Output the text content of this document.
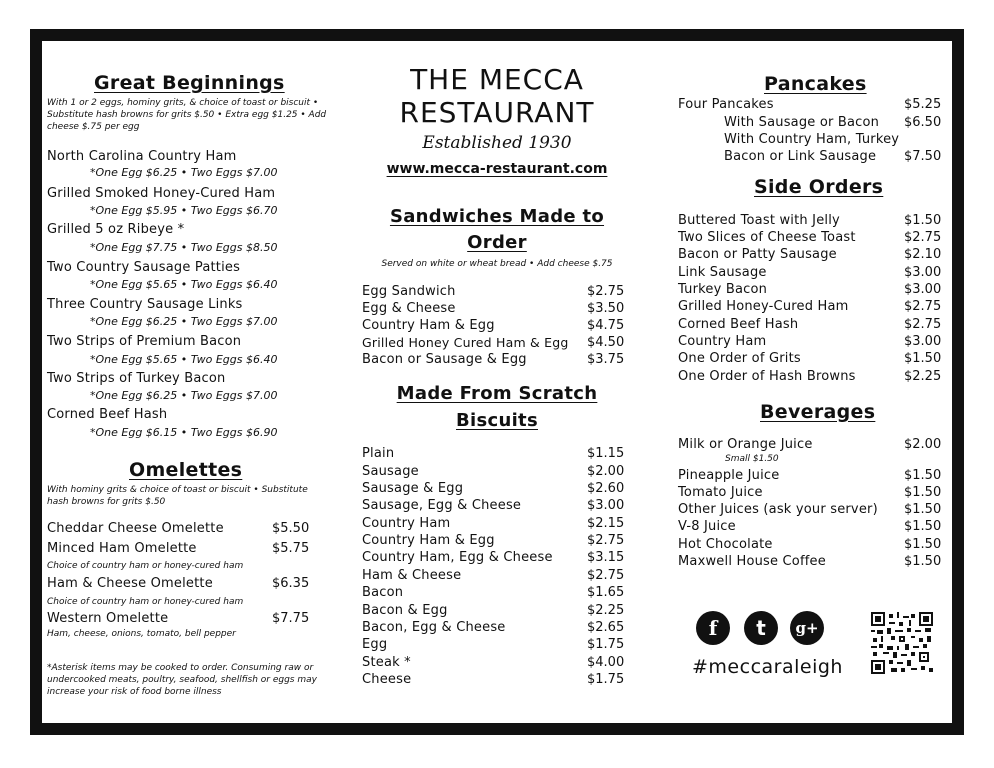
Great Beginnings
With 1 or 2 eggs, hominy grits, & choice of toast or biscuit • Substitute hash browns for grits $.50 • Extra egg $1.25 • Add cheese $.75 per egg
North Carolina Country Ham
*One Egg $6.25 • Two Eggs $7.00
Grilled Smoked Honey-Cured Ham
*One Egg $5.95 • Two Eggs $6.70
Grilled 5 oz Ribeye *
*One Egg $7.75 • Two Eggs $8.50
Two Country Sausage Patties
*One Egg $5.65 • Two Eggs $6.40
Three Country Sausage Links
*One Egg $6.25 • Two Eggs $7.00
Two Strips of Premium Bacon
*One Egg $5.65 • Two Eggs $6.40
Two Strips of Turkey Bacon
*One Egg $6.25 • Two Eggs $7.00
Corned Beef Hash
*One Egg $6.15 • Two Eggs $6.90
Omelettes
With hominy grits & choice of toast or biscuit • Substitute hash browns for grits $.50
Cheddar Cheese Omelette	$5.50
Minced Ham Omelette	$5.75
Choice of country ham or honey-cured ham
Ham & Cheese Omelette	$6.35
Choice of country ham or honey-cured ham
Western Omelette	$7.75
Ham, cheese, onions, tomato, bell pepper
*Asterisk items may be cooked to order. Consuming raw or undercooked meats, poultry, seafood, shellfish or eggs may increase your risk of food borne illness
THE MECCA
RESTAURANT
Established 1930
www.mecca-restaurant.com
Sandwiches Made to
Order
Served on white or wheat bread • Add cheese $.75
Egg Sandwich	$2.75
Egg & Cheese	$3.50
Country Ham & Egg	$4.75
Grilled Honey Cured Ham & Egg $4.50
Bacon or Sausage & Egg	$3.75
Made From Scratch
Biscuits
Plain	$1.15
Sausage	$2.00
Sausage & Egg	$2.60
Sausage, Egg & Cheese	$3.00
Country Ham	$2.15
Country Ham & Egg	$2.75
Country Ham, Egg & Cheese	$3.15
Ham & Cheese	$2.75
Bacon	$1.65
Bacon & Egg	$2.25
Bacon, Egg & Cheese	$2.65
Egg	$1.75
Steak *	$4.00
Cheese	$1.75
Pancakes
Four Pancakes	$5.25
With Sausage or Bacon $6.50
With Country Ham, Turkey
Bacon or Link Sausage $7.50
Side Orders
Buttered Toast with Jelly	$1.50
Two Slices of Cheese Toast	$2.75
Bacon or Patty Sausage	$2.10
Link Sausage	$3.00
Turkey Bacon	$3.00
Grilled Honey-Cured Ham	$2.75
Corned Beef Hash	$2.75
Country Ham	$3.00
One Order of Grits	$1.50
One Order of Hash Browns	$2.25
Beverages
Milk or Orange Juice	$2.00
Small $1.50
Pineapple Juice	$1.50
Tomato Juice	$1.50
Other Juices (ask your server) $1.50
V-8 Juice	$1.50
Hot Chocolate	$1.50
Maxwell House Coffee	$1.50
f	t	g+
#meccaraleigh
